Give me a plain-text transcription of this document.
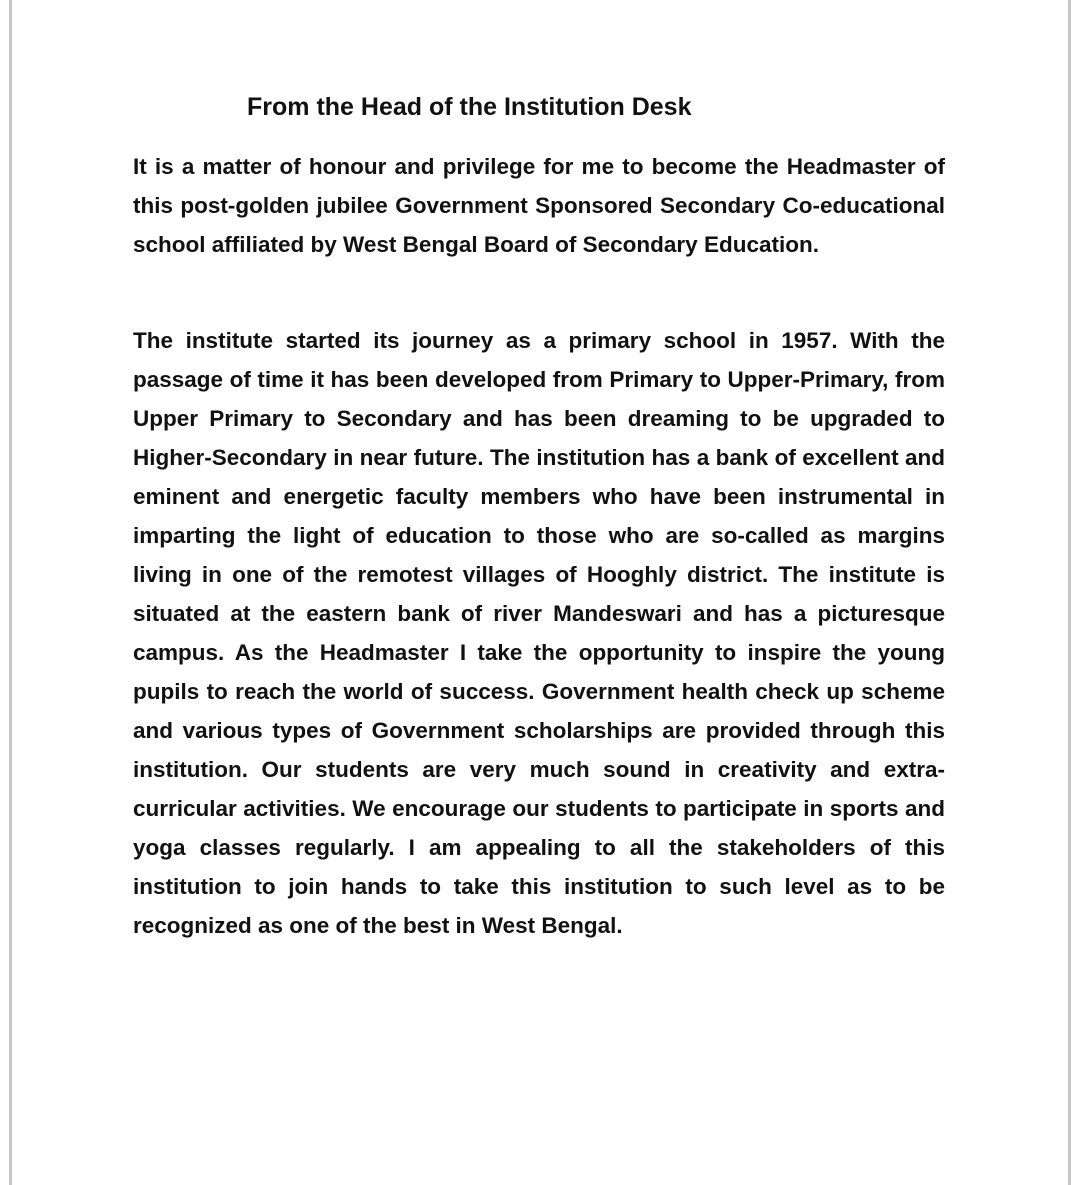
From the Head of the Institution Desk

It is a matter of honour and privilege for me to become the Headmaster of this post-golden jubilee Government Sponsored Secondary Co-educational school affiliated by West Bengal Board of Secondary Education.

The institute started its journey as a primary school in 1957. With the passage of time it has been developed from Primary to Upper-Primary, from Upper Primary to Secondary and has been dreaming to be upgraded to Higher-Secondary in near future. The institution has a bank of excellent and eminent and energetic faculty members who have been instrumental in imparting the light of education to those who are so-called as margins living in one of the remotest villages of Hooghly district. The institute is situated at the eastern bank of river Mandeswari and has a picturesque campus. As the Headmaster I take the opportunity to inspire the young pupils to reach the world of success. Government health check up scheme and various types of Government scholarships are provided through this institution. Our students are very much sound in creativity and extra-curricular activities. We encourage our students to participate in sports and yoga classes regularly. I am appealing to all the stakeholders of this institution to join hands to take this institution to such level as to be recognized as one of the best in West Bengal.
